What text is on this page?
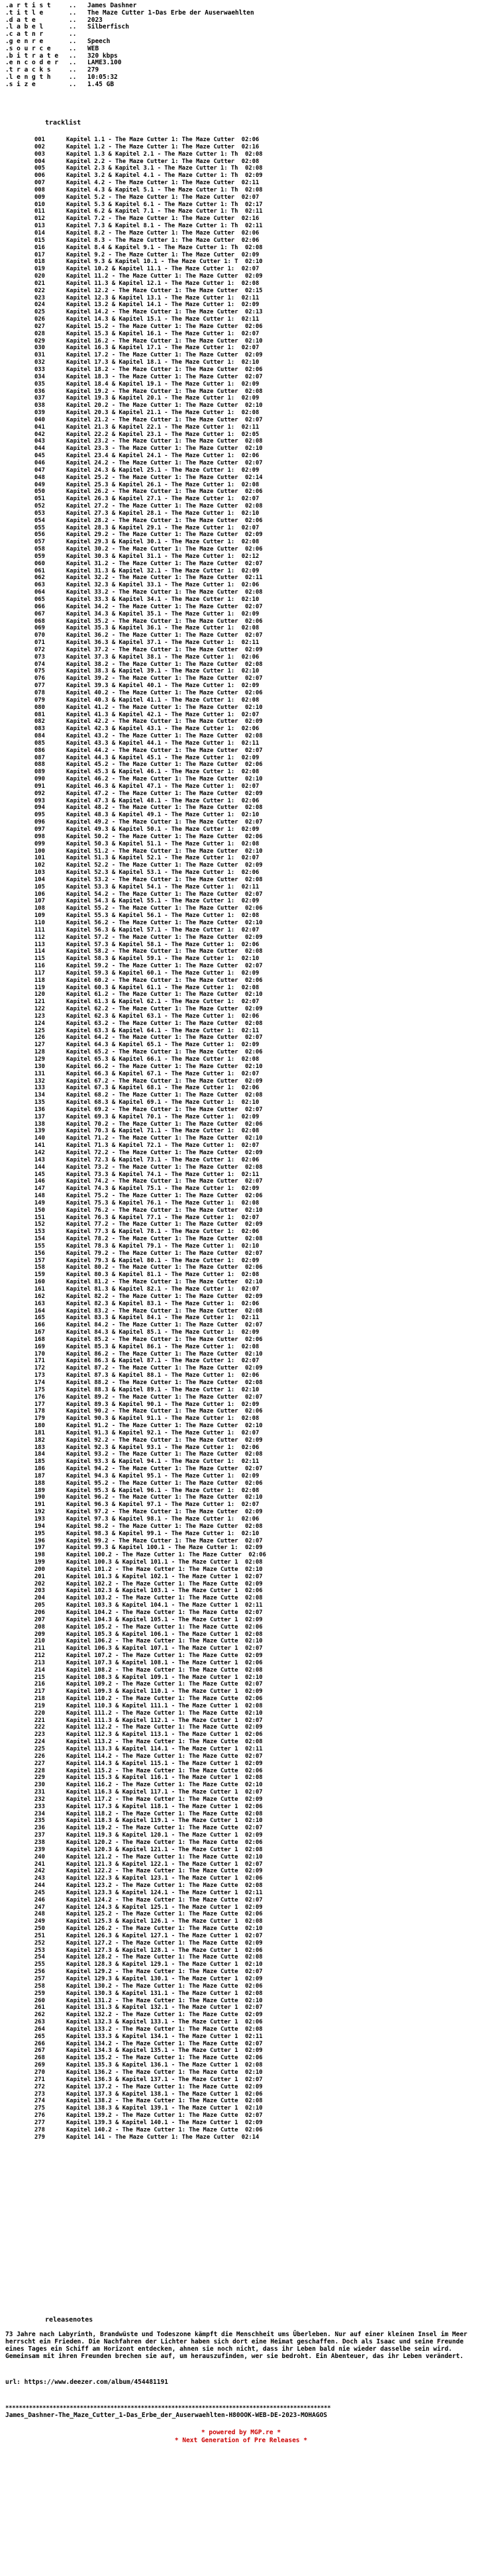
.a r t i s t	..	James Dashner
.t i t l e	..	The Maze Cutter 1-Das Erbe der Auserwaehlten
.d a t e	..	2023
.l a b e l	..	Silberfisch
.c a t n r	..
.g e n r e	..	Speech
.s o u r c e	..	WEB
.b i t r a t e	..	320 kbps
.e n c o d e r	..	LAME3.100
.t r a c k s	..	279
.l e n g t h	..	10:05:32
.s i z e	..	1.45 GB
tracklist
001	Kapitel 1.1 - The Maze Cutter 1: The Maze Cutter  02:06
002	Kapitel 1.2 - The Maze Cutter 1: The Maze Cutter  02:16
003	Kapitel 1.3 & Kapitel 2.1 - The Maze Cutter 1: Th  02:08
004	Kapitel 2.2 - The Maze Cutter 1: The Maze Cutter  02:08
005	Kapitel 2.3 & Kapitel 3.1 - The Maze Cutter 1: Th  02:08
006	Kapitel 3.2 & Kapitel 4.1 - The Maze Cutter 1: Th  02:09
007	Kapitel 4.2 - The Maze Cutter 1: The Maze Cutter  02:11
008	Kapitel 4.3 & Kapitel 5.1 - The Maze Cutter 1: Th  02:08
009	Kapitel 5.2 - The Maze Cutter 1: The Maze Cutter  02:07
010	Kapitel 5.3 & Kapitel 6.1 - The Maze Cutter 1: Th  02:17
011	Kapitel 6.2 & Kapitel 7.1 - The Maze Cutter 1: Th  02:11
012	Kapitel 7.2 - The Maze Cutter 1: The Maze Cutter  02:16
013	Kapitel 7.3 & Kapitel 8.1 - The Maze Cutter 1: Th  02:11
014	Kapitel 8.2 - The Maze Cutter 1: The Maze Cutter  02:06
015	Kapitel 8.3 - The Maze Cutter 1: The Maze Cutter  02:06
016	Kapitel 8.4 & Kapitel 9.1 - The Maze Cutter 1: Th  02:08
017	Kapitel 9.2 - The Maze Cutter 1: The Maze Cutter  02:09
018	Kapitel 9.3 & Kapitel 10.1 - The Maze Cutter 1: T  02:10
019	Kapitel 10.2 & Kapitel 11.1 - The Maze Cutter 1:  02:07
020	Kapitel 11.2 - The Maze Cutter 1: The Maze Cutter  02:09
021	Kapitel 11.3 & Kapitel 12.1 - The Maze Cutter 1:  02:08
022	Kapitel 12.2 - The Maze Cutter 1: The Maze Cutter  02:15
023	Kapitel 12.3 & Kapitel 13.1 - The Maze Cutter 1:  02:11
024	Kapitel 13.2 & Kapitel 14.1 - The Maze Cutter 1:  02:09
025	Kapitel 14.2 - The Maze Cutter 1: The Maze Cutter  02:13
026	Kapitel 14.3 & Kapitel 15.1 - The Maze Cutter 1:  02:11
027	Kapitel 15.2 - The Maze Cutter 1: The Maze Cutter  02:06
028	Kapitel 15.3 & Kapitel 16.1 - The Maze Cutter 1:  02:07
029	Kapitel 16.2 - The Maze Cutter 1: The Maze Cutter  02:10
030	Kapitel 16.3 & Kapitel 17.1 - The Maze Cutter 1:  02:07
031	Kapitel 17.2 - The Maze Cutter 1: The Maze Cutter  02:09
032	Kapitel 17.3 & Kapitel 18.1 - The Maze Cutter 1:  02:10
033	Kapitel 18.2 - The Maze Cutter 1: The Maze Cutter  02:06
034	Kapitel 18.3 - The Maze Cutter 1: The Maze Cutter  02:07
035	Kapitel 18.4 & Kapitel 19.1 - The Maze Cutter 1:  02:09
036	Kapitel 19.2 - The Maze Cutter 1: The Maze Cutter  02:08
037	Kapitel 19.3 & Kapitel 20.1 - The Maze Cutter 1:  02:09
038	Kapitel 20.2 - The Maze Cutter 1: The Maze Cutter  02:10
039	Kapitel 20.3 & Kapitel 21.1 - The Maze Cutter 1:  02:08
040	Kapitel 21.2 - The Maze Cutter 1: The Maze Cutter  02:07
041	Kapitel 21.3 & Kapitel 22.1 - The Maze Cutter 1:  02:11
042	Kapitel 22.2 & Kapitel 23.1 - The Maze Cutter 1:  02:05
043	Kapitel 23.2 - The Maze Cutter 1: The Maze Cutter  02:08
044	Kapitel 23.3 - The Maze Cutter 1: The Maze Cutter  02:10
045	Kapitel 23.4 & Kapitel 24.1 - The Maze Cutter 1:  02:06
046	Kapitel 24.2 - The Maze Cutter 1: The Maze Cutter  02:07
047	Kapitel 24.3 & Kapitel 25.1 - The Maze Cutter 1:  02:09
048	Kapitel 25.2 - The Maze Cutter 1: The Maze Cutter  02:14
049	Kapitel 25.3 & Kapitel 26.1 - The Maze Cutter 1:  02:08
050	Kapitel 26.2 - The Maze Cutter 1: The Maze Cutter  02:06
051	Kapitel 26.3 & Kapitel 27.1 - The Maze Cutter 1:  02:07
052	Kapitel 27.2 - The Maze Cutter 1: The Maze Cutter  02:08
053	Kapitel 27.3 & Kapitel 28.1 - The Maze Cutter 1:  02:10
054	Kapitel 28.2 - The Maze Cutter 1: The Maze Cutter  02:06
055	Kapitel 28.3 & Kapitel 29.1 - The Maze Cutter 1:  02:07
056	Kapitel 29.2 - The Maze Cutter 1: The Maze Cutter  02:09
057	Kapitel 29.3 & Kapitel 30.1 - The Maze Cutter 1:  02:08
058	Kapitel 30.2 - The Maze Cutter 1: The Maze Cutter  02:06
059	Kapitel 30.3 & Kapitel 31.1 - The Maze Cutter 1:  02:12
060	Kapitel 31.2 - The Maze Cutter 1: The Maze Cutter  02:07
061	Kapitel 31.3 & Kapitel 32.1 - The Maze Cutter 1:  02:09
062	Kapitel 32.2 - The Maze Cutter 1: The Maze Cutter  02:11
063	Kapitel 32.3 & Kapitel 33.1 - The Maze Cutter 1:  02:06
064	Kapitel 33.2 - The Maze Cutter 1: The Maze Cutter  02:08
065	Kapitel 33.3 & Kapitel 34.1 - The Maze Cutter 1:  02:10
066	Kapitel 34.2 - The Maze Cutter 1: The Maze Cutter  02:07
067	Kapitel 34.3 & Kapitel 35.1 - The Maze Cutter 1:  02:09
068	Kapitel 35.2 - The Maze Cutter 1: The Maze Cutter  02:06
069	Kapitel 35.3 & Kapitel 36.1 - The Maze Cutter 1:  02:08
070	Kapitel 36.2 - The Maze Cutter 1: The Maze Cutter  02:07
071	Kapitel 36.3 & Kapitel 37.1 - The Maze Cutter 1:  02:11
072	Kapitel 37.2 - The Maze Cutter 1: The Maze Cutter  02:09
073	Kapitel 37.3 & Kapitel 38.1 - The Maze Cutter 1:  02:06
074	Kapitel 38.2 - The Maze Cutter 1: The Maze Cutter  02:08
075	Kapitel 38.3 & Kapitel 39.1 - The Maze Cutter 1:  02:10
076	Kapitel 39.2 - The Maze Cutter 1: The Maze Cutter  02:07
077	Kapitel 39.3 & Kapitel 40.1 - The Maze Cutter 1:  02:09
078	Kapitel 40.2 - The Maze Cutter 1: The Maze Cutter  02:06
079	Kapitel 40.3 & Kapitel 41.1 - The Maze Cutter 1:  02:08
080	Kapitel 41.2 - The Maze Cutter 1: The Maze Cutter  02:10
081	Kapitel 41.3 & Kapitel 42.1 - The Maze Cutter 1:  02:07
082	Kapitel 42.2 - The Maze Cutter 1: The Maze Cutter  02:09
083	Kapitel 42.3 & Kapitel 43.1 - The Maze Cutter 1:  02:06
084	Kapitel 43.2 - The Maze Cutter 1: The Maze Cutter  02:08
085	Kapitel 43.3 & Kapitel 44.1 - The Maze Cutter 1:  02:11
086	Kapitel 44.2 - The Maze Cutter 1: The Maze Cutter  02:07
087	Kapitel 44.3 & Kapitel 45.1 - The Maze Cutter 1:  02:09
088	Kapitel 45.2 - The Maze Cutter 1: The Maze Cutter  02:06
089	Kapitel 45.3 & Kapitel 46.1 - The Maze Cutter 1:  02:08
090	Kapitel 46.2 - The Maze Cutter 1: The Maze Cutter  02:10
091	Kapitel 46.3 & Kapitel 47.1 - The Maze Cutter 1:  02:07
092	Kapitel 47.2 - The Maze Cutter 1: The Maze Cutter  02:09
093	Kapitel 47.3 & Kapitel 48.1 - The Maze Cutter 1:  02:06
094	Kapitel 48.2 - The Maze Cutter 1: The Maze Cutter  02:08
095	Kapitel 48.3 & Kapitel 49.1 - The Maze Cutter 1:  02:10
096	Kapitel 49.2 - The Maze Cutter 1: The Maze Cutter  02:07
097	Kapitel 49.3 & Kapitel 50.1 - The Maze Cutter 1:  02:09
098	Kapitel 50.2 - The Maze Cutter 1: The Maze Cutter  02:06
099	Kapitel 50.3 & Kapitel 51.1 - The Maze Cutter 1:  02:08
100	Kapitel 51.2 - The Maze Cutter 1: The Maze Cutter  02:10
101	Kapitel 51.3 & Kapitel 52.1 - The Maze Cutter 1:  02:07
102	Kapitel 52.2 - The Maze Cutter 1: The Maze Cutter  02:09
103	Kapitel 52.3 & Kapitel 53.1 - The Maze Cutter 1:  02:06
104	Kapitel 53.2 - The Maze Cutter 1: The Maze Cutter  02:08
105	Kapitel 53.3 & Kapitel 54.1 - The Maze Cutter 1:  02:11
106	Kapitel 54.2 - The Maze Cutter 1: The Maze Cutter  02:07
107	Kapitel 54.3 & Kapitel 55.1 - The Maze Cutter 1:  02:09
108	Kapitel 55.2 - The Maze Cutter 1: The Maze Cutter  02:06
109	Kapitel 55.3 & Kapitel 56.1 - The Maze Cutter 1:  02:08
110	Kapitel 56.2 - The Maze Cutter 1: The Maze Cutter  02:10
111	Kapitel 56.3 & Kapitel 57.1 - The Maze Cutter 1:  02:07
112	Kapitel 57.2 - The Maze Cutter 1: The Maze Cutter  02:09
113	Kapitel 57.3 & Kapitel 58.1 - The Maze Cutter 1:  02:06
114	Kapitel 58.2 - The Maze Cutter 1: The Maze Cutter  02:08
115	Kapitel 58.3 & Kapitel 59.1 - The Maze Cutter 1:  02:10
116	Kapitel 59.2 - The Maze Cutter 1: The Maze Cutter  02:07
117	Kapitel 59.3 & Kapitel 60.1 - The Maze Cutter 1:  02:09
118	Kapitel 60.2 - The Maze Cutter 1: The Maze Cutter  02:06
119	Kapitel 60.3 & Kapitel 61.1 - The Maze Cutter 1:  02:08
120	Kapitel 61.2 - The Maze Cutter 1: The Maze Cutter  02:10
121	Kapitel 61.3 & Kapitel 62.1 - The Maze Cutter 1:  02:07
122	Kapitel 62.2 - The Maze Cutter 1: The Maze Cutter  02:09
123	Kapitel 62.3 & Kapitel 63.1 - The Maze Cutter 1:  02:06
124	Kapitel 63.2 - The Maze Cutter 1: The Maze Cutter  02:08
125	Kapitel 63.3 & Kapitel 64.1 - The Maze Cutter 1:  02:11
126	Kapitel 64.2 - The Maze Cutter 1: The Maze Cutter  02:07
127	Kapitel 64.3 & Kapitel 65.1 - The Maze Cutter 1:  02:09
128	Kapitel 65.2 - The Maze Cutter 1: The Maze Cutter  02:06
129	Kapitel 65.3 & Kapitel 66.1 - The Maze Cutter 1:  02:08
130	Kapitel 66.2 - The Maze Cutter 1: The Maze Cutter  02:10
131	Kapitel 66.3 & Kapitel 67.1 - The Maze Cutter 1:  02:07
132	Kapitel 67.2 - The Maze Cutter 1: The Maze Cutter  02:09
133	Kapitel 67.3 & Kapitel 68.1 - The Maze Cutter 1:  02:06
134	Kapitel 68.2 - The Maze Cutter 1: The Maze Cutter  02:08
135	Kapitel 68.3 & Kapitel 69.1 - The Maze Cutter 1:  02:10
136	Kapitel 69.2 - The Maze Cutter 1: The Maze Cutter  02:07
137	Kapitel 69.3 & Kapitel 70.1 - The Maze Cutter 1:  02:09
138	Kapitel 70.2 - The Maze Cutter 1: The Maze Cutter  02:06
139	Kapitel 70.3 & Kapitel 71.1 - The Maze Cutter 1:  02:08
140	Kapitel 71.2 - The Maze Cutter 1: The Maze Cutter  02:10
141	Kapitel 71.3 & Kapitel 72.1 - The Maze Cutter 1:  02:07
142	Kapitel 72.2 - The Maze Cutter 1: The Maze Cutter  02:09
143	Kapitel 72.3 & Kapitel 73.1 - The Maze Cutter 1:  02:06
144	Kapitel 73.2 - The Maze Cutter 1: The Maze Cutter  02:08
145	Kapitel 73.3 & Kapitel 74.1 - The Maze Cutter 1:  02:11
146	Kapitel 74.2 - The Maze Cutter 1: The Maze Cutter  02:07
147	Kapitel 74.3 & Kapitel 75.1 - The Maze Cutter 1:  02:09
148	Kapitel 75.2 - The Maze Cutter 1: The Maze Cutter  02:06
149	Kapitel 75.3 & Kapitel 76.1 - The Maze Cutter 1:  02:08
150	Kapitel 76.2 - The Maze Cutter 1: The Maze Cutter  02:10
151	Kapitel 76.3 & Kapitel 77.1 - The Maze Cutter 1:  02:07
152	Kapitel 77.2 - The Maze Cutter 1: The Maze Cutter  02:09
153	Kapitel 77.3 & Kapitel 78.1 - The Maze Cutter 1:  02:06
154	Kapitel 78.2 - The Maze Cutter 1: The Maze Cutter  02:08
155	Kapitel 78.3 & Kapitel 79.1 - The Maze Cutter 1:  02:10
156	Kapitel 79.2 - The Maze Cutter 1: The Maze Cutter  02:07
157	Kapitel 79.3 & Kapitel 80.1 - The Maze Cutter 1:  02:09
158	Kapitel 80.2 - The Maze Cutter 1: The Maze Cutter  02:06
159	Kapitel 80.3 & Kapitel 81.1 - The Maze Cutter 1:  02:08
160	Kapitel 81.2 - The Maze Cutter 1: The Maze Cutter  02:10
161	Kapitel 81.3 & Kapitel 82.1 - The Maze Cutter 1:  02:07
162	Kapitel 82.2 - The Maze Cutter 1: The Maze Cutter  02:09
163	Kapitel 82.3 & Kapitel 83.1 - The Maze Cutter 1:  02:06
164	Kapitel 83.2 - The Maze Cutter 1: The Maze Cutter  02:08
165	Kapitel 83.3 & Kapitel 84.1 - The Maze Cutter 1:  02:11
166	Kapitel 84.2 - The Maze Cutter 1: The Maze Cutter  02:07
167	Kapitel 84.3 & Kapitel 85.1 - The Maze Cutter 1:  02:09
168	Kapitel 85.2 - The Maze Cutter 1: The Maze Cutter  02:06
169	Kapitel 85.3 & Kapitel 86.1 - The Maze Cutter 1:  02:08
170	Kapitel 86.2 - The Maze Cutter 1: The Maze Cutter  02:10
171	Kapitel 86.3 & Kapitel 87.1 - The Maze Cutter 1:  02:07
172	Kapitel 87.2 - The Maze Cutter 1: The Maze Cutter  02:09
173	Kapitel 87.3 & Kapitel 88.1 - The Maze Cutter 1:  02:06
174	Kapitel 88.2 - The Maze Cutter 1: The Maze Cutter  02:08
175	Kapitel 88.3 & Kapitel 89.1 - The Maze Cutter 1:  02:10
176	Kapitel 89.2 - The Maze Cutter 1: The Maze Cutter  02:07
177	Kapitel 89.3 & Kapitel 90.1 - The Maze Cutter 1:  02:09
178	Kapitel 90.2 - The Maze Cutter 1: The Maze Cutter  02:06
179	Kapitel 90.3 & Kapitel 91.1 - The Maze Cutter 1:  02:08
180	Kapitel 91.2 - The Maze Cutter 1: The Maze Cutter  02:10
181	Kapitel 91.3 & Kapitel 92.1 - The Maze Cutter 1:  02:07
182	Kapitel 92.2 - The Maze Cutter 1: The Maze Cutter  02:09
183	Kapitel 92.3 & Kapitel 93.1 - The Maze Cutter 1:  02:06
184	Kapitel 93.2 - The Maze Cutter 1: The Maze Cutter  02:08
185	Kapitel 93.3 & Kapitel 94.1 - The Maze Cutter 1:  02:11
186	Kapitel 94.2 - The Maze Cutter 1: The Maze Cutter  02:07
187	Kapitel 94.3 & Kapitel 95.1 - The Maze Cutter 1:  02:09
188	Kapitel 95.2 - The Maze Cutter 1: The Maze Cutter  02:06
189	Kapitel 95.3 & Kapitel 96.1 - The Maze Cutter 1:  02:08
190	Kapitel 96.2 - The Maze Cutter 1: The Maze Cutter  02:10
191	Kapitel 96.3 & Kapitel 97.1 - The Maze Cutter 1:  02:07
192	Kapitel 97.2 - The Maze Cutter 1: The Maze Cutter  02:09
193	Kapitel 97.3 & Kapitel 98.1 - The Maze Cutter 1:  02:06
194	Kapitel 98.2 - The Maze Cutter 1: The Maze Cutter  02:08
195	Kapitel 98.3 & Kapitel 99.1 - The Maze Cutter 1:  02:10
196	Kapitel 99.2 - The Maze Cutter 1: The Maze Cutter  02:07
197	Kapitel 99.3 & Kapitel 100.1 - The Maze Cutter 1:  02:09
198	Kapitel 100.2 - The Maze Cutter 1: The Maze Cutter  02:06
199	Kapitel 100.3 & Kapitel 101.1 - The Maze Cutter 1  02:08
200	Kapitel 101.2 - The Maze Cutter 1: The Maze Cutte  02:10
201	Kapitel 101.3 & Kapitel 102.1 - The Maze Cutter 1  02:07
202	Kapitel 102.2 - The Maze Cutter 1: The Maze Cutte  02:09
203	Kapitel 102.3 & Kapitel 103.1 - The Maze Cutter 1  02:06
204	Kapitel 103.2 - The Maze Cutter 1: The Maze Cutte  02:08
205	Kapitel 103.3 & Kapitel 104.1 - The Maze Cutter 1  02:11
206	Kapitel 104.2 - The Maze Cutter 1: The Maze Cutte  02:07
207	Kapitel 104.3 & Kapitel 105.1 - The Maze Cutter 1  02:09
208	Kapitel 105.2 - The Maze Cutter 1: The Maze Cutte  02:06
209	Kapitel 105.3 & Kapitel 106.1 - The Maze Cutter 1  02:08
210	Kapitel 106.2 - The Maze Cutter 1: The Maze Cutte  02:10
211	Kapitel 106.3 & Kapitel 107.1 - The Maze Cutter 1  02:07
212	Kapitel 107.2 - The Maze Cutter 1: The Maze Cutte  02:09
213	Kapitel 107.3 & Kapitel 108.1 - The Maze Cutter 1  02:06
214	Kapitel 108.2 - The Maze Cutter 1: The Maze Cutte  02:08
215	Kapitel 108.3 & Kapitel 109.1 - The Maze Cutter 1  02:10
216	Kapitel 109.2 - The Maze Cutter 1: The Maze Cutte  02:07
217	Kapitel 109.3 & Kapitel 110.1 - The Maze Cutter 1  02:09
218	Kapitel 110.2 - The Maze Cutter 1: The Maze Cutte  02:06
219	Kapitel 110.3 & Kapitel 111.1 - The Maze Cutter 1  02:08
220	Kapitel 111.2 - The Maze Cutter 1: The Maze Cutte  02:10
221	Kapitel 111.3 & Kapitel 112.1 - The Maze Cutter 1  02:07
222	Kapitel 112.2 - The Maze Cutter 1: The Maze Cutte  02:09
223	Kapitel 112.3 & Kapitel 113.1 - The Maze Cutter 1  02:06
224	Kapitel 113.2 - The Maze Cutter 1: The Maze Cutte  02:08
225	Kapitel 113.3 & Kapitel 114.1 - The Maze Cutter 1  02:11
226	Kapitel 114.2 - The Maze Cutter 1: The Maze Cutte  02:07
227	Kapitel 114.3 & Kapitel 115.1 - The Maze Cutter 1  02:09
228	Kapitel 115.2 - The Maze Cutter 1: The Maze Cutte  02:06
229	Kapitel 115.3 & Kapitel 116.1 - The Maze Cutter 1  02:08
230	Kapitel 116.2 - The Maze Cutter 1: The Maze Cutte  02:10
231	Kapitel 116.3 & Kapitel 117.1 - The Maze Cutter 1  02:07
232	Kapitel 117.2 - The Maze Cutter 1: The Maze Cutte  02:09
233	Kapitel 117.3 & Kapitel 118.1 - The Maze Cutter 1  02:06
234	Kapitel 118.2 - The Maze Cutter 1: The Maze Cutte  02:08
235	Kapitel 118.3 & Kapitel 119.1 - The Maze Cutter 1  02:10
236	Kapitel 119.2 - The Maze Cutter 1: The Maze Cutte  02:07
237	Kapitel 119.3 & Kapitel 120.1 - The Maze Cutter 1  02:09
238	Kapitel 120.2 - The Maze Cutter 1: The Maze Cutte  02:06
239	Kapitel 120.3 & Kapitel 121.1 - The Maze Cutter 1  02:08
240	Kapitel 121.2 - The Maze Cutter 1: The Maze Cutte  02:10
241	Kapitel 121.3 & Kapitel 122.1 - The Maze Cutter 1  02:07
242	Kapitel 122.2 - The Maze Cutter 1: The Maze Cutte  02:09
243	Kapitel 122.3 & Kapitel 123.1 - The Maze Cutter 1  02:06
244	Kapitel 123.2 - The Maze Cutter 1: The Maze Cutte  02:08
245	Kapitel 123.3 & Kapitel 124.1 - The Maze Cutter 1  02:11
246	Kapitel 124.2 - The Maze Cutter 1: The Maze Cutte  02:07
247	Kapitel 124.3 & Kapitel 125.1 - The Maze Cutter 1  02:09
248	Kapitel 125.2 - The Maze Cutter 1: The Maze Cutte  02:06
249	Kapitel 125.3 & Kapitel 126.1 - The Maze Cutter 1  02:08
250	Kapitel 126.2 - The Maze Cutter 1: The Maze Cutte  02:10
251	Kapitel 126.3 & Kapitel 127.1 - The Maze Cutter 1  02:07
252	Kapitel 127.2 - The Maze Cutter 1: The Maze Cutte  02:09
253	Kapitel 127.3 & Kapitel 128.1 - The Maze Cutter 1  02:06
254	Kapitel 128.2 - The Maze Cutter 1: The Maze Cutte  02:08
255	Kapitel 128.3 & Kapitel 129.1 - The Maze Cutter 1  02:10
256	Kapitel 129.2 - The Maze Cutter 1: The Maze Cutte  02:07
257	Kapitel 129.3 & Kapitel 130.1 - The Maze Cutter 1  02:09
258	Kapitel 130.2 - The Maze Cutter 1: The Maze Cutte  02:06
259	Kapitel 130.3 & Kapitel 131.1 - The Maze Cutter 1  02:08
260	Kapitel 131.2 - The Maze Cutter 1: The Maze Cutte  02:10
261	Kapitel 131.3 & Kapitel 132.1 - The Maze Cutter 1  02:07
262	Kapitel 132.2 - The Maze Cutter 1: The Maze Cutte  02:09
263	Kapitel 132.3 & Kapitel 133.1 - The Maze Cutter 1  02:06
264	Kapitel 133.2 - The Maze Cutter 1: The Maze Cutte  02:08
265	Kapitel 133.3 & Kapitel 134.1 - The Maze Cutter 1  02:11
266	Kapitel 134.2 - The Maze Cutter 1: The Maze Cutte  02:07
267	Kapitel 134.3 & Kapitel 135.1 - The Maze Cutter 1  02:09
268	Kapitel 135.2 - The Maze Cutter 1: The Maze Cutte  02:06
269	Kapitel 135.3 & Kapitel 136.1 - The Maze Cutter 1  02:08
270	Kapitel 136.2 - The Maze Cutter 1: The Maze Cutte  02:10
271	Kapitel 136.3 & Kapitel 137.1 - The Maze Cutter 1  02:07
272	Kapitel 137.2 - The Maze Cutter 1: The Maze Cutte  02:09
273	Kapitel 137.3 & Kapitel 138.1 - The Maze Cutter 1  02:06
274	Kapitel 138.2 - The Maze Cutter 1: The Maze Cutte  02:08
275	Kapitel 138.3 & Kapitel 139.1 - The Maze Cutter 1  02:10
276	Kapitel 139.2 - The Maze Cutter 1: The Maze Cutte  02:07
277	Kapitel 139.3 & Kapitel 140.1 - The Maze Cutter 1  02:09
278	Kapitel 140.2 - The Maze Cutter 1: The Maze Cutte  02:06
279	Kapitel 141 - The Maze Cutter 1: The Maze Cutter  02:14
releasenotes
73 Jahre nach Labyrinth, Brandwüste und Todeszone kämpft die Menschheit ums Überleben. Nur auf einer kleinen Insel im Meer herrscht ein Frieden. Die Nachfahren der Lichter haben sich dort eine Heimat geschaffen. Doch als Isaac und seine Freunde eines Tages ein Schiff am Horizont entdecken, ahnen sie noch nicht, dass ihr Leben bald nie wieder dasselbe sein wird. Gemeinsam mit ihren Freunden brechen sie auf, um herauszufinden, wer sie bedroht. Ein Abenteuer, das ihr Leben verändert.
url: https://www.deezer.com/album/454481191
************************************************************************************************
James_Dashner-The_Maze_Cutter_1-Das_Erbe_der_Auserwaehlten-H80OOK-WEB-DE-2023-MOHAGOS
* powered by MGP.re *
* Next Generation of Pre Releases *
